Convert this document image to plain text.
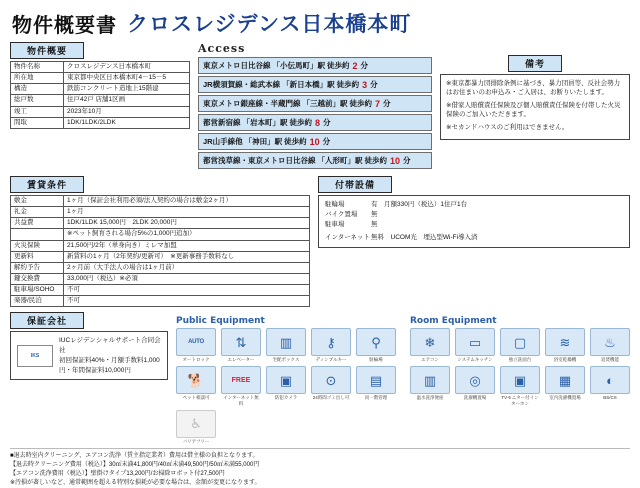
物件概要書 クロスレジデンス日本橋本町
物件概要
物件名称	クロスレジデンス日本橋本町
所在地	東京都中央区日本橋本町4－15－5
構造	鉄筋コンクリート造地上15階建
総戸数	住戸42戸 店舗1区画
竣工	2023年10月
間取	1DK/1LDK/2LDK
Access
東京メトロ日比谷線 「小伝馬町」駅 徒歩約 2 分
JR横須賀線・総武本線 「新日本橋」駅 徒歩約 3 分
東京メトロ銀座線・半蔵門線 「三越前」駅 徒歩約 7 分
都営新宿線 「岩本町」駅 徒歩約 8 分
JR山手線他 「神田」駅 徒歩約 10 分
都営浅草線・東京メトロ日比谷線 「人形町」駅 徒歩約 10 分
備考

※東京都暴力団排除条例に基づき、暴力団員等、反社会勢力はお住まいのお申込み・ご入居は、お断りいたします。

※借家人賠償責任保険及び個人賠償責任保険を付帯した火災保険のご加入いただきます。

※セカンドハウスのご利用はできません。

賃貸条件
敷金	1ヶ月（保証会社利用必須/法人契約の場合は敷金2ヶ月）
礼金	1ヶ月
共益費	1DK/1LDK 15,000円　2LDK 20,000円
	※ペット飼育される場合5%の1,000円追加）
火災保険	21,500円/2年（単身向き）ミレマ加盟
更新料	新賃料の1ヶ月（2年契約/更新可）　※更新事務手数料なし
解約予告	2ヶ月前（大手法人の場合は1ヶ月前）
鍵交換費	33,000円（税込）※必須
駐車場/SOHO	不可
楽器/民泊	不可
付帯設備
駐輪場	有　月額330円（税込）1住戸1台
バイク置場	無
駐車場	無
インターネット 無料　UCOM光　埋込型Wi-Fi導入済
保証会社
IKS
IUCレジデンシャルサポート合同会社
初回保証料40%・月額手数料1,000円・年間保証料10,000円
Public Equipment
AUTO
オートロック
⇅
エレベーター
▥
宅配ボックス
⚷
ディンプルキー
⚲
駐輪場
🐕
ペット相談可
FREE
インターネット無料
▣
防犯カメラ
⊙
24時間ゴミ出し可
▤
同一階管理
♿
バリアフリー
Room Equipment
❄
エアコン
▭
システムキッチン
▢
独立洗面台
≋
浴室乾燥機
♨
追焚機能
▥
温水洗浄便座
◎
洗濯機置場
▣
TVモニター付インターホン
▦
室内洗濯機置場
◐
BS/CS

■退去時室内クリーニング、エアコン洗浄（賃主指定業者）費用は借主様の負担となります。

【退去時クリーニング費用（税込）】30㎡未満41,800円/40㎡未満49,500円/50㎡未満55,000円

【エアコン洗浄費用（税込）】壁掛けタイプ13,200円/お掃除ロボット付27,500円

※汚損が著しいなど、通常範囲を超える特別な損耗が必要な場合は、金額が変更になります。
